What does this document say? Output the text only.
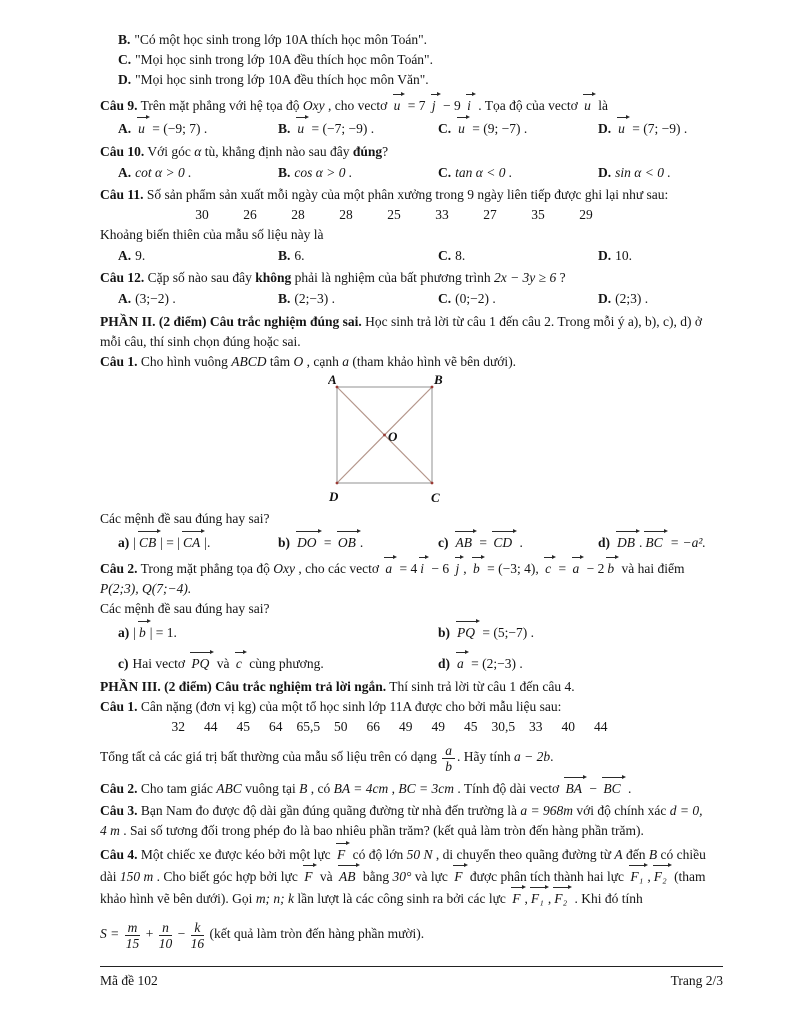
B. "Có một học sinh trong lớp 10A thích học môn Toán".

C. "Mọi học sinh trong lớp 10A đều thích học môn Toán".

D. "Mọi học sinh trong lớp 10A đều thích học môn Văn".

Câu 9. Trên mặt phẳng với hệ tọa độ Oxy , cho vectơ u = 7 j − 9 i . Tọa độ của vectơ u là

A. u = (−9; 7) .	B. u = (−7; −9) .	C. u = (9; −7) .	D. u = (7; −9) .

Câu 10. Với góc α tù, khẳng định nào sau đây đúng?

A. cot α > 0 .	B. cos α > 0 .	C. tan α < 0 .	D. sin α < 0 .

Câu 11. Số sản phẩm sản xuất mỗi ngày của một phân xưởng trong 9 ngày liên tiếp được ghi lại như sau:

30	26	28	28	25	33	27	35	29

Khoảng biến thiên của mẫu số liệu này là

A. 9.	B. 6.	C. 8.	D. 10.

Câu 12. Cặp số nào sau đây không phải là nghiệm của bất phương trình 2x − 3y ≥ 6 ?

A. (3;−2) .	B. (2;−3) .	C. (0;−2) .	D. (2;3) .

PHẦN II. (2 điểm) Câu trắc nghiệm đúng sai. Học sinh trả lời từ câu 1 đến câu 2. Trong mỗi ý a), b), c), d) ở mỗi câu, thí sinh chọn đúng hoặc sai.

Câu 1. Cho hình vuông ABCD tâm O , cạnh a (tham khảo hình vẽ bên dưới).

A	B
O
D	C

Các mệnh đề sau đúng hay sai?

a) | CB | = | CA |.	b) DO = OB .	c) AB = CD .	d) DB . BC = −a².

Câu 2. Trong mặt phẳng tọa độ Oxy , cho các vectơ a = 4 i − 6 j , b = (−3; 4), c = a − 2 b và hai điểm

P(2;3), Q(7;−4).

Các mệnh đề sau đúng hay sai?

a) | b | = 1.	b) PQ = (5;−7) .
c) Hai vectơ PQ và c cùng phương.	d) a = (2;−3) .

PHẦN III. (2 điểm) Câu trắc nghiệm trả lời ngắn. Thí sinh trả lời từ câu 1 đến câu 4.

Câu 1. Cân nặng (đơn vị kg) của một tổ học sinh lớp 11A được cho bởi mẫu liệu sau:

32	44	45	64	65,5	50	66	49	49	45	30,5	33	40	44

Tổng tất cả các giá trị bất thường của mẫu số liệu trên có dạng $\frac{a}{b}$ . Hãy tính a − 2b.

Câu 2. Cho tam giác ABC vuông tại B , có BA = 4cm , BC = 3cm . Tính độ dài vectơ BA − BC .

Câu 3. Bạn Nam đo được độ dài gần đúng quãng đường từ nhà đến trường là a = 968m với độ chính xác d = 0, 4 m . Sai số tương đối trong phép đo là bao nhiêu phần trăm? (kết quả làm tròn đến hàng phần trăm).

Câu 4. Một chiếc xe được kéo bởi một lực F có độ lớn 50 N , di chuyển theo quãng đường từ A đến B có chiều dài 150 m . Cho biết góc hợp bởi lực F và AB bằng 30° và lực F được phân tích thành hai lực F₁ , F₂ (tham khảo hình vẽ bên dưới). Gọi m; n; k lần lượt là các công sinh ra bởi các lực F , F₁ , F₂ . Khi đó tính

$S = \frac{m}{15} + \frac{n}{10} - \frac{k}{16}$ (kết quả làm tròn đến hàng phần mười).

Mã đề 102	Trang 2/3
